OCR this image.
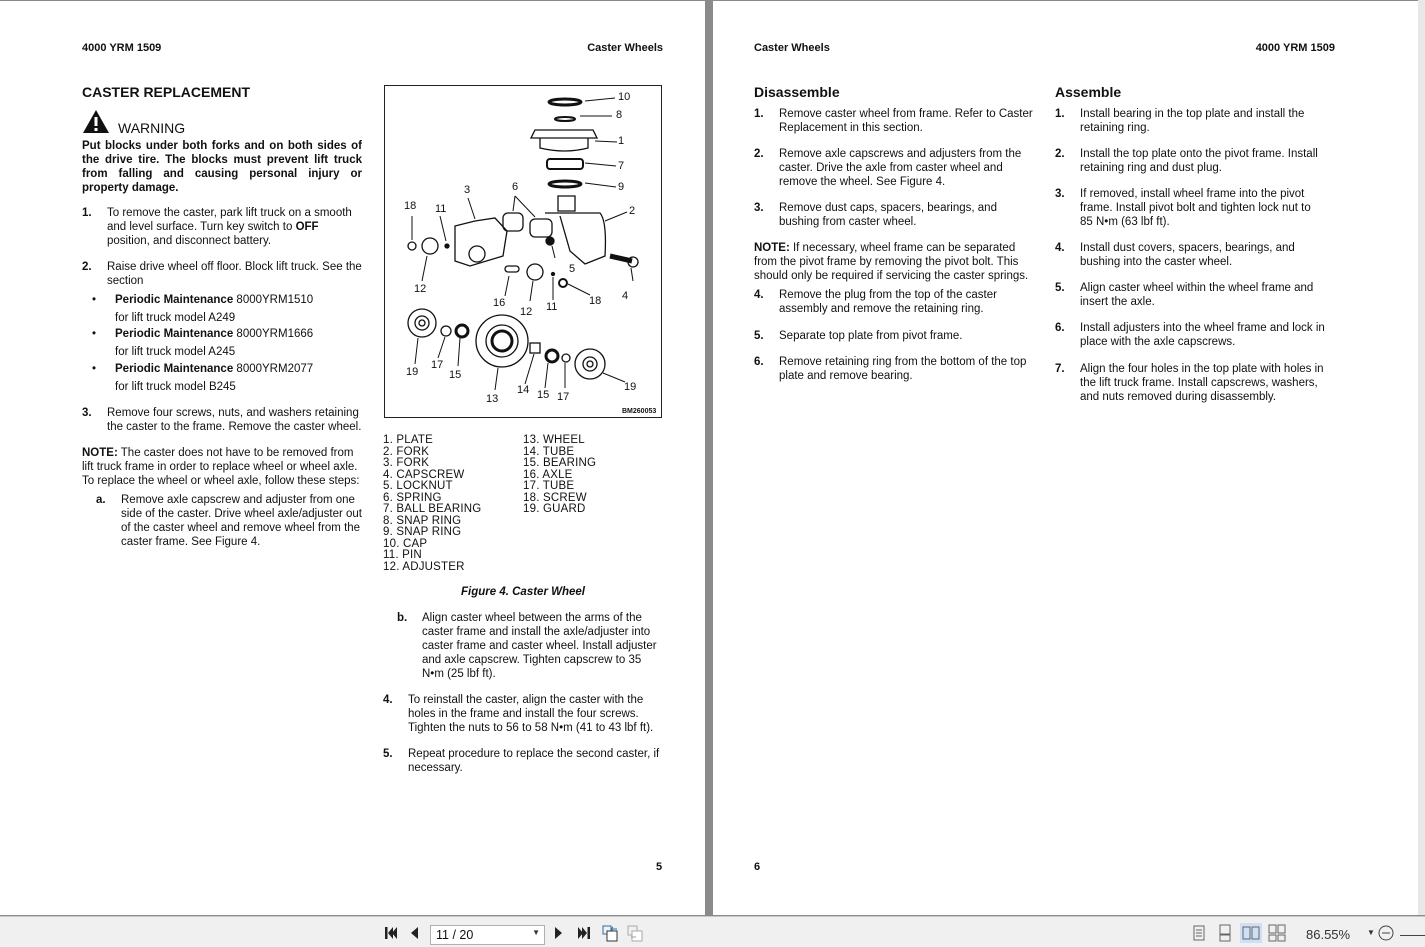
4000 YRM 1509	Caster Wheels
CASTER REPLACEMENT
WARNING
Put blocks under both forks and on both sides of the drive tire. The blocks must prevent lift truck from falling and causing personal injury or property damage.
1. To remove the caster, park lift truck on a smooth and level surface. Turn key switch to OFF position, and disconnect battery.
2. Raise drive wheel off floor. Block lift truck. See the section
• Periodic Maintenance 8000YRM1510
for lift truck model A249
• Periodic Maintenance 8000YRM1666
for lift truck model A245
• Periodic Maintenance 8000YRM2077
for lift truck model B245
3. Remove four screws, nuts, and washers retaining the caster to the frame. Remove the caster wheel.
NOTE: The caster does not have to be removed from lift truck frame in order to replace wheel or wheel axle. To replace the wheel or wheel axle, follow these steps:
a. Remove axle capscrew and adjuster from one side of the caster. Drive wheel axle/adjuster out of the caster wheel and remove wheel from the caster frame. See Figure 4.
10
8
1
7
9
2
6
3
18 11
5
4
12
16
12 11	18
19
17
15
13
14 15 17
19
BM260053
1. PLATE
2. FORK
3. FORK
4. CAPSCREW
5. LOCKNUT
6. SPRING
7. BALL BEARING
8. SNAP RING
9. SNAP RING
10. CAP
11. PIN
12. ADJUSTER
13. WHEEL
14. TUBE
15. BEARING
16. AXLE
17. TUBE
18. SCREW
19. GUARD
Figure 4. Caster Wheel
b. Align caster wheel between the arms of the caster frame and install the axle/adjuster into caster frame and caster wheel. Install adjuster and axle capscrew. Tighten capscrew to 35 N•m (25 lbf ft).
4. To reinstall the caster, align the caster with the holes in the frame and install the four screws. Tighten the nuts to 56 to 58 N•m (41 to 43 lbf ft).
5. Repeat procedure to replace the second caster, if necessary.
5
Caster Wheels	4000 YRM 1509
Disassemble
1. Remove caster wheel from frame. Refer to Caster Replacement in this section.
2. Remove axle capscrews and adjusters from the caster. Drive the axle from caster wheel and remove the wheel. See Figure 4.
3. Remove dust caps, spacers, bearings, and bushing from caster wheel.
NOTE: If necessary, wheel frame can be separated from the pivot frame by removing the pivot bolt. This should only be required if servicing the caster springs.
4. Remove the plug from the top of the caster assembly and remove the retaining ring.
5. Separate top plate from pivot frame.
6. Remove retaining ring from the bottom of the top plate and remove bearing.
Assemble
1. Install bearing in the top plate and install the retaining ring.
2. Install the top plate onto the pivot frame. Install retaining ring and dust plug.
3. If removed, install wheel frame into the pivot frame. Install pivot bolt and tighten lock nut to 85 N•m (63 lbf ft).
4. Install dust covers, spacers, bearings, and bushing into the caster wheel.
5. Align caster wheel within the wheel frame and insert the axle.
6. Install adjusters into the wheel frame and lock in place with the axle capscrews.
7. Align the four holes in the top plate with holes in the lift truck frame. Install capscrews, washers, and nuts removed during disassembly.
6
11 / 20	▼	86.55% ▼
